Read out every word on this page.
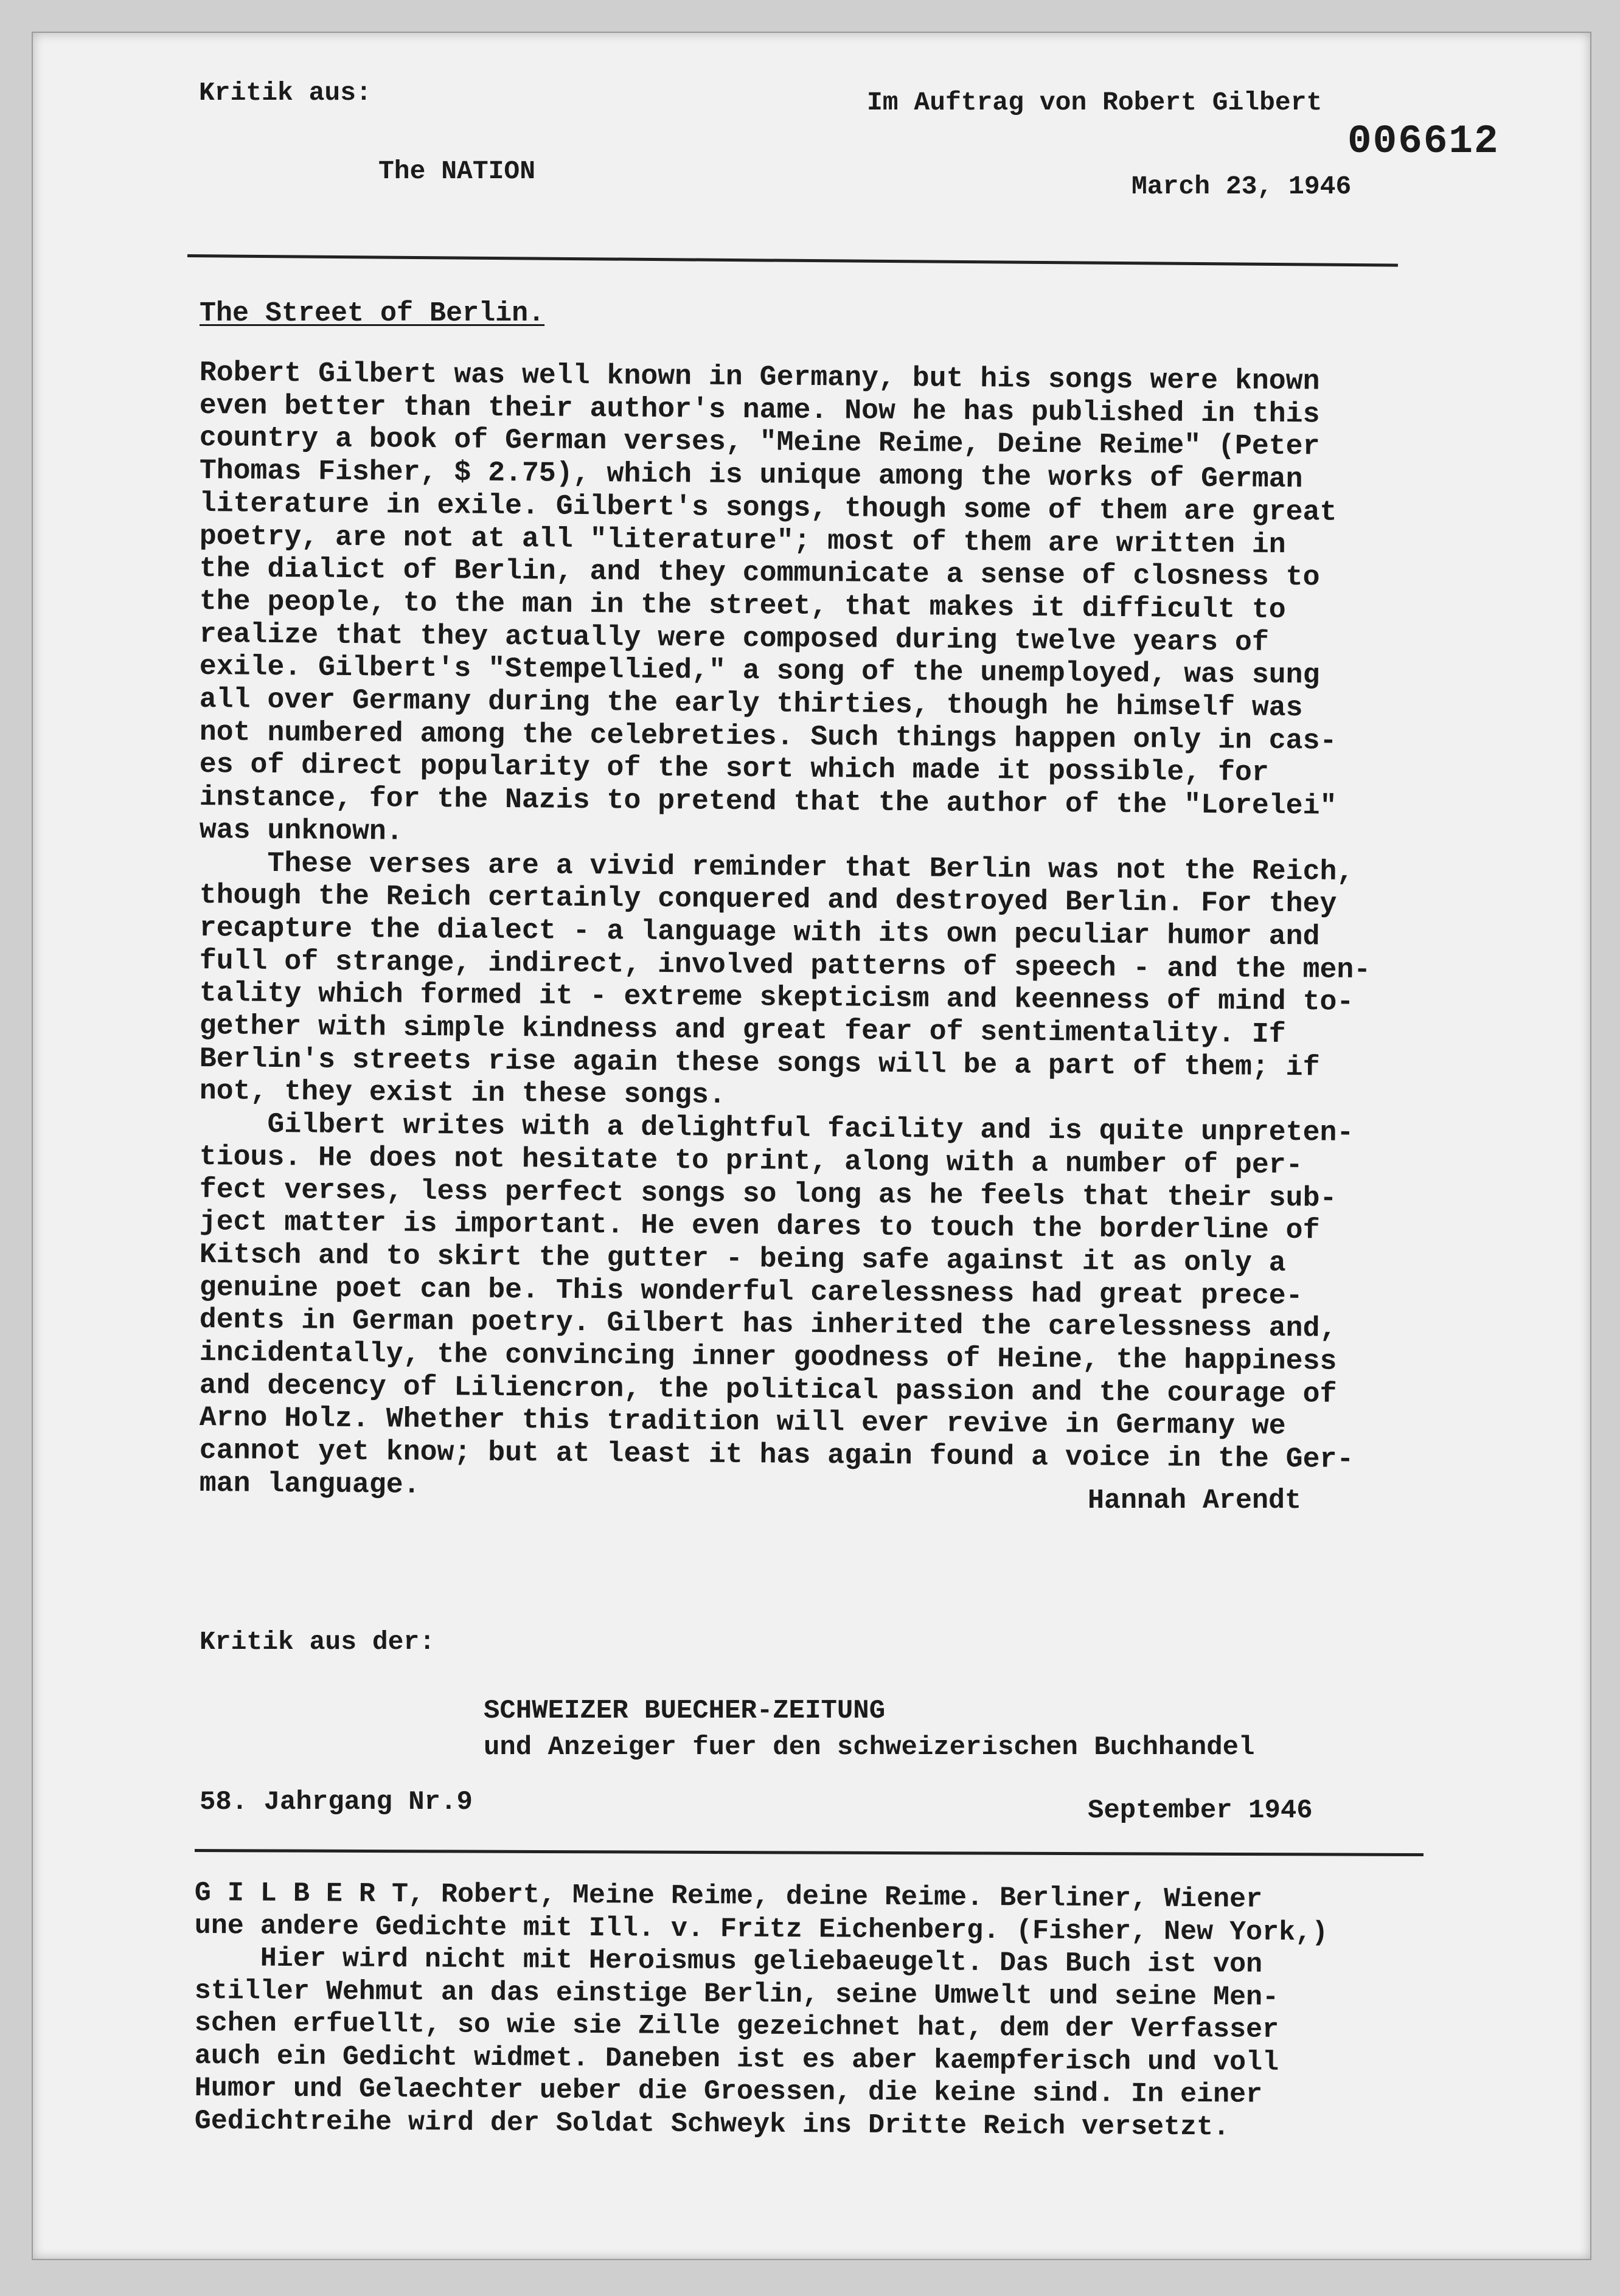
Kritik aus:	Im Auftrag von Robert Gilbert
006612
The NATION
March 23, 1946
The Street of Berlin.
Robert Gilbert was well known in Germany, but his songs were known
even better than their author's name. Now he has published in this
country a book of German verses, "Meine Reime, Deine Reime" (Peter
Thomas Fisher, $ 2.75), which is unique among the works of German
literature in exile. Gilbert's songs, though some of them are great
poetry, are not at all "literature"; most of them are written in
the dialict of Berlin, and they communicate a sense of closness to
the people, to the man in the street, that makes it difficult to
realize that they actually were composed during twelve years of
exile. Gilbert's "Stempellied," a song of the unemployed, was sung
all over Germany during the early thirties, though he himself was
not numbered among the celebreties. Such things happen only in cas-
es of direct popularity of the sort which made it possible, for
instance, for the Nazis to pretend that the author of the "Lorelei"
was unknown.
These verses are a vivid reminder that Berlin was not the Reich,
though the Reich certainly conquered and destroyed Berlin. For they
recapture the dialect - a language with its own peculiar humor and
full of strange, indirect, involved patterns of speech - and the men-
tality which formed it - extreme skepticism and keenness of mind to-
gether with simple kindness and great fear of sentimentality. If
Berlin's streets rise again these songs will be a part of them; if
not, they exist in these songs.
Gilbert writes with a delightful facility and is quite unpreten-
tious. He does not hesitate to print, along with a number of per-
fect verses, less perfect songs so long as he feels that their sub-
ject matter is important. He even dares to touch the borderline of
Kitsch and to skirt the gutter - being safe against it as only a
genuine poet can be. This wonderful carelessness had great prece-
dents in German poetry. Gilbert has inherited the carelessness and,
incidentally, the convincing inner goodness of Heine, the happiness
and decency of Liliencron, the political passion and the courage of
Arno Holz. Whether this tradition will ever revive in Germany we
cannot yet know; but at least it has again found a voice in the Ger-
man language.	Hannah Arendt
Kritik aus der:
SCHWEIZER BUECHER-ZEITUNG
und Anzeiger fuer den schweizerischen Buchhandel
58. Jahrgang Nr.9	September 1946
G I L B E R T, Robert, Meine Reime, deine Reime. Berliner, Wiener
une andere Gedichte mit Ill. v. Fritz Eichenberg. (Fisher, New York,)
Hier wird nicht mit Heroismus geliebaeugelt. Das Buch ist von
stiller Wehmut an das einstige Berlin, seine Umwelt und seine Men-
schen erfuellt, so wie sie Zille gezeichnet hat, dem der Verfasser
auch ein Gedicht widmet. Daneben ist es aber kaempferisch und voll
Humor und Gelaechter ueber die Groessen, die keine sind. In einer
Gedichtreihe wird der Soldat Schweyk ins Dritte Reich versetzt.
